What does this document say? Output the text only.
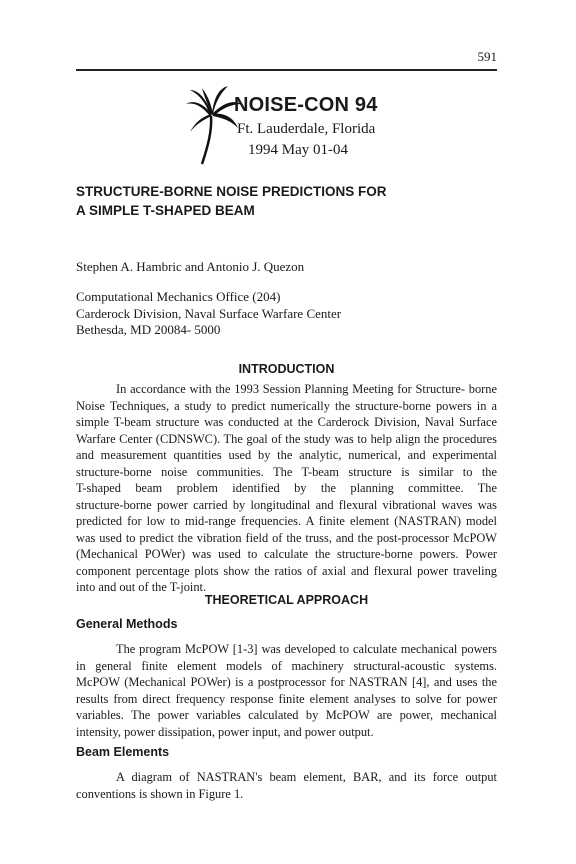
591
NOISE-CON 94
Ft. Lauderdale, Florida
1994 May 01-04
STRUCTURE-BORNE NOISE PREDICTIONS FOR
A SIMPLE T-SHAPED BEAM
Stephen A. Hambric and Antonio J. Quezon
Computational Mechanics Office (204)
Carderock Division, Naval Surface Warfare Center
Bethesda, MD 20084- 5000
INTRODUCTION

In accordance with the 1993 Session Planning Meeting for Structure- borne
Noise Techniques, a study to predict numerically the structure-borne powers in a
simple T-beam structure was conducted at the Carderock Division, Naval Surface
Warfare Center (CDNSWC). The goal of the study was to help align the procedures
and measurement quantities used by the analytic, numerical, and experimental
structure-borne noise communities. The T-beam structure is similar to the
T-shaped beam problem identified by the planning committee. The
structure-borne power carried by longitudinal and flexural vibrational waves was
predicted for low to mid-range frequencies. A finite element (NASTRAN) model
was used to predict the vibration field of the truss, and the post-processor McPOW
(Mechanical POWer) was used to calculate the structure-borne powers. Power
component percentage plots show the ratios of axial and flexural power traveling
into and out of the T-joint.

THEORETICAL APPROACH
General Methods

The program McPOW [1-3] was developed to calculate mechanical powers
in general finite element models of machinery structural-acoustic systems.
McPOW (Mechanical POWer) is a postprocessor for NASTRAN [4], and uses the
results from direct frequency response finite element analyses to solve for power
variables. The power variables calculated by McPOW are power, mechanical
intensity, power dissipation, power input, and power output.

Beam Elements

A diagram of NASTRAN's beam element, BAR, and its force output
conventions is shown in Figure 1.
